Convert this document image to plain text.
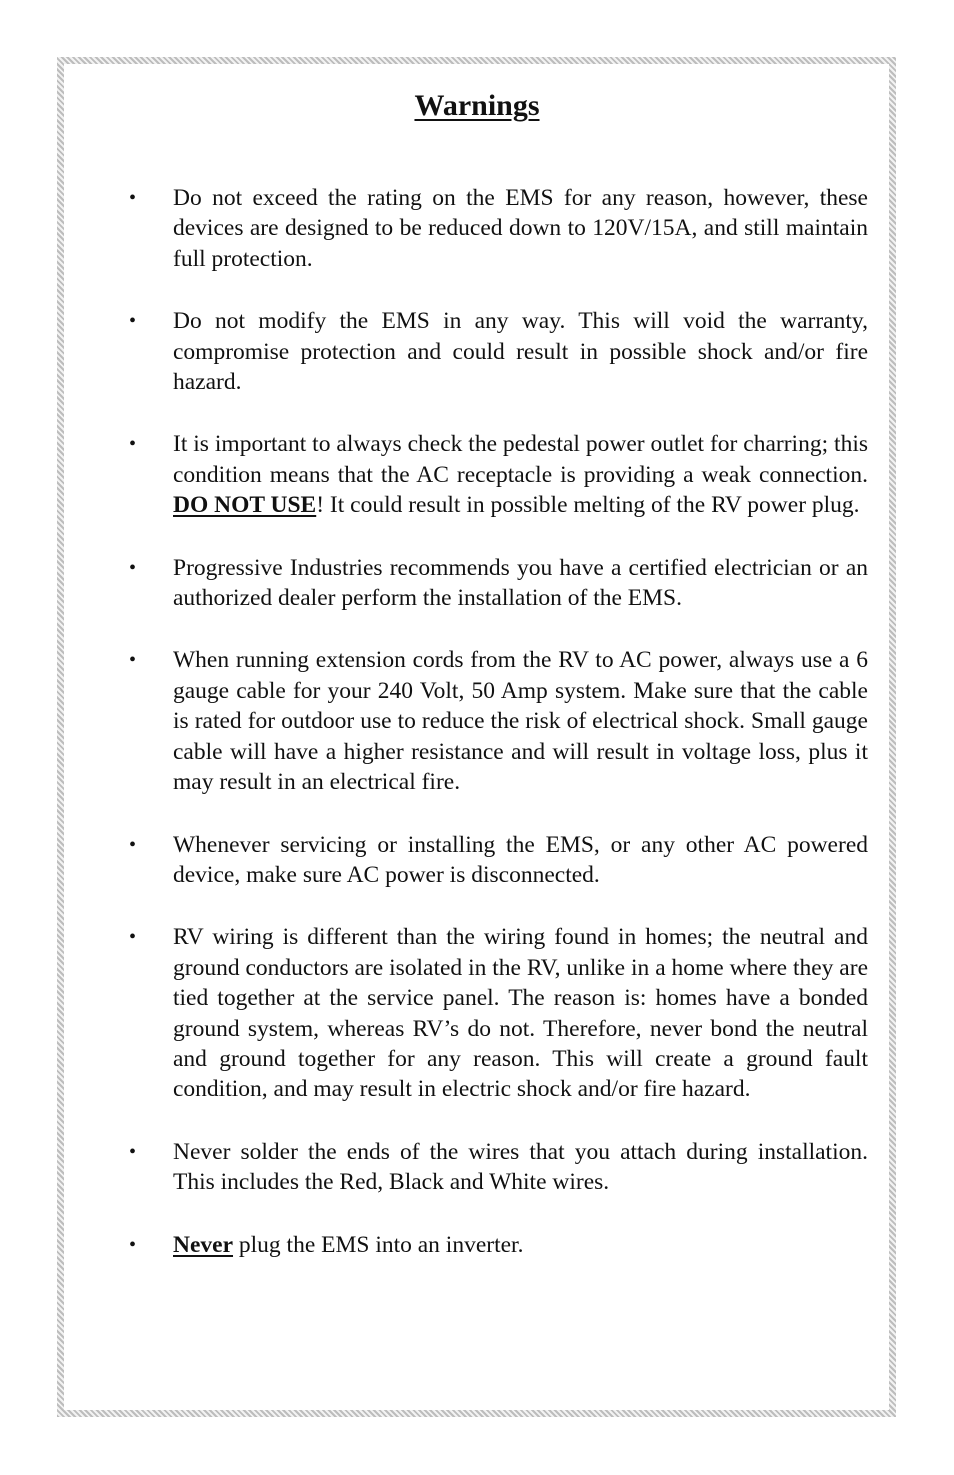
Warnings
• Do not exceed the rating on the EMS for any reason, however, these devices are designed to be reduced down to 120V/15A, and still maintain full protection.
• Do not modify the EMS in any way. This will void the warranty, compromise protection and could result in possible shock and/or fire hazard.
• It is important to always check the pedestal power outlet for charring; this condition means that the AC receptacle is providing a weak connection. DO NOT USE! It could result in possible melting of the RV power plug.
• Progressive Industries recommends you have a certified electrician or an authorized dealer perform the installation of the EMS.
• When running extension cords from the RV to AC power, always use a 6 gauge cable for your 240 Volt, 50 Amp system. Make sure that the cable is rated for outdoor use to reduce the risk of electrical shock. Small gauge cable will have a higher resistance and will result in voltage loss, plus it may result in an electrical fire.
• Whenever servicing or installing the EMS, or any other AC powered device, make sure AC power is disconnected.
• RV wiring is different than the wiring found in homes; the neutral and ground conductors are isolated in the RV, unlike in a home where they are tied together at the service panel. The reason is: homes have a bonded ground system, whereas RV’s do not. Therefore, never bond the neutral and ground together for any reason. This will create a ground fault condition, and may result in electric shock and/or fire hazard.
• Never solder the ends of the wires that you attach during installation. This includes the Red, Black and White wires.
• Never plug the EMS into an inverter.
